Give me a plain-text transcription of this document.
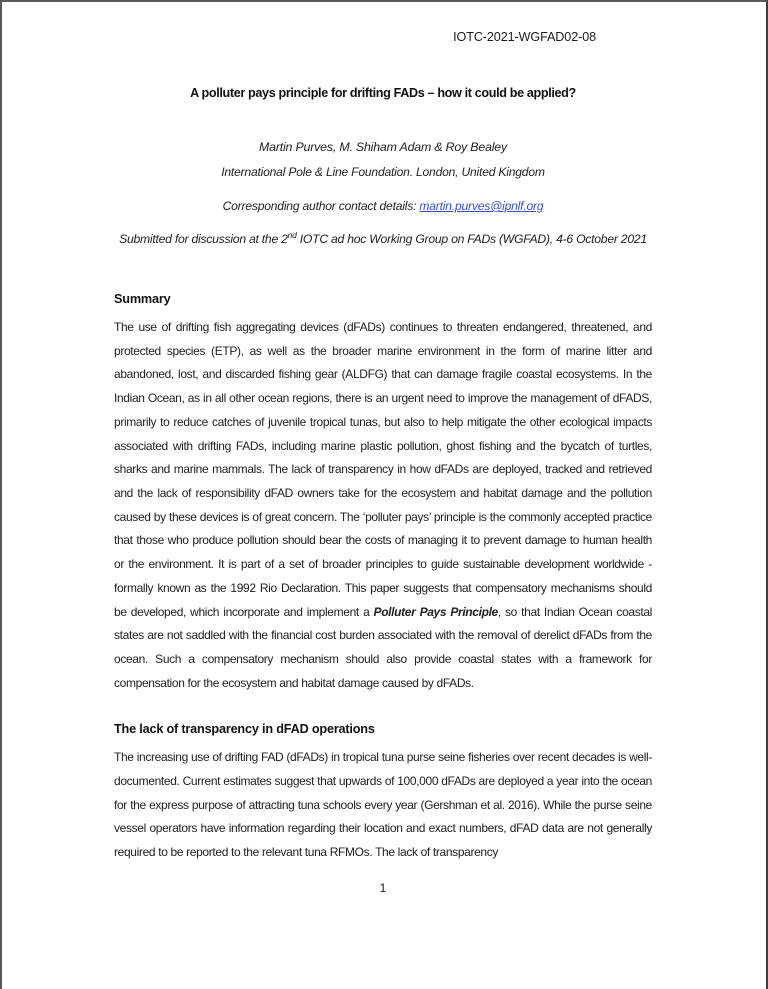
IOTC-2021-WGFAD02-08
A polluter pays principle for drifting FADs – how it could be applied?
Martin Purves, M. Shiham Adam & Roy Bealey
International Pole & Line Foundation. London, United Kingdom
Corresponding author contact details: martin.purves@ipnlf.org
Submitted for discussion at the 2nd IOTC ad hoc Working Group on FADs (WGFAD), 4-6 October 2021
Summary
The use of drifting fish aggregating devices (dFADs) continues to threaten endangered, threatened, and protected species (ETP), as well as the broader marine environment in the form of marine litter and abandoned, lost, and discarded fishing gear (ALDFG) that can damage fragile coastal ecosystems. In the Indian Ocean, as in all other ocean regions, there is an urgent need to improve the management of dFADS, primarily to reduce catches of juvenile tropical tunas, but also to help mitigate the other ecological impacts associated with drifting FADs, including marine plastic pollution, ghost fishing and the bycatch of turtles, sharks and marine mammals. The lack of transparency in how dFADs are deployed, tracked and retrieved and the lack of responsibility dFAD owners take for the ecosystem and habitat damage and the pollution caused by these devices is of great concern. The ‘polluter pays’ principle is the commonly accepted practice that those who produce pollution should bear the costs of managing it to prevent damage to human health or the environment. It is part of a set of broader principles to guide sustainable development worldwide - formally known as the 1992 Rio Declaration. This paper suggests that compensatory mechanisms should be developed, which incorporate and implement a Polluter Pays Principle, so that Indian Ocean coastal states are not saddled with the financial cost burden associated with the removal of derelict dFADs from the ocean. Such a compensatory mechanism should also provide coastal states with a framework for compensation for the ecosystem and habitat damage caused by dFADs.
The lack of transparency in dFAD operations
The increasing use of drifting FAD (dFADs) in tropical tuna purse seine fisheries over recent decades is well-documented. Current estimates suggest that upwards of 100,000 dFADs are deployed a year into the ocean for the express purpose of attracting tuna schools every year (Gershman et al. 2016). While the purse seine vessel operators have information regarding their location and exact numbers, dFAD data are not generally required to be reported to the relevant tuna RFMOs. The lack of transparency
1
